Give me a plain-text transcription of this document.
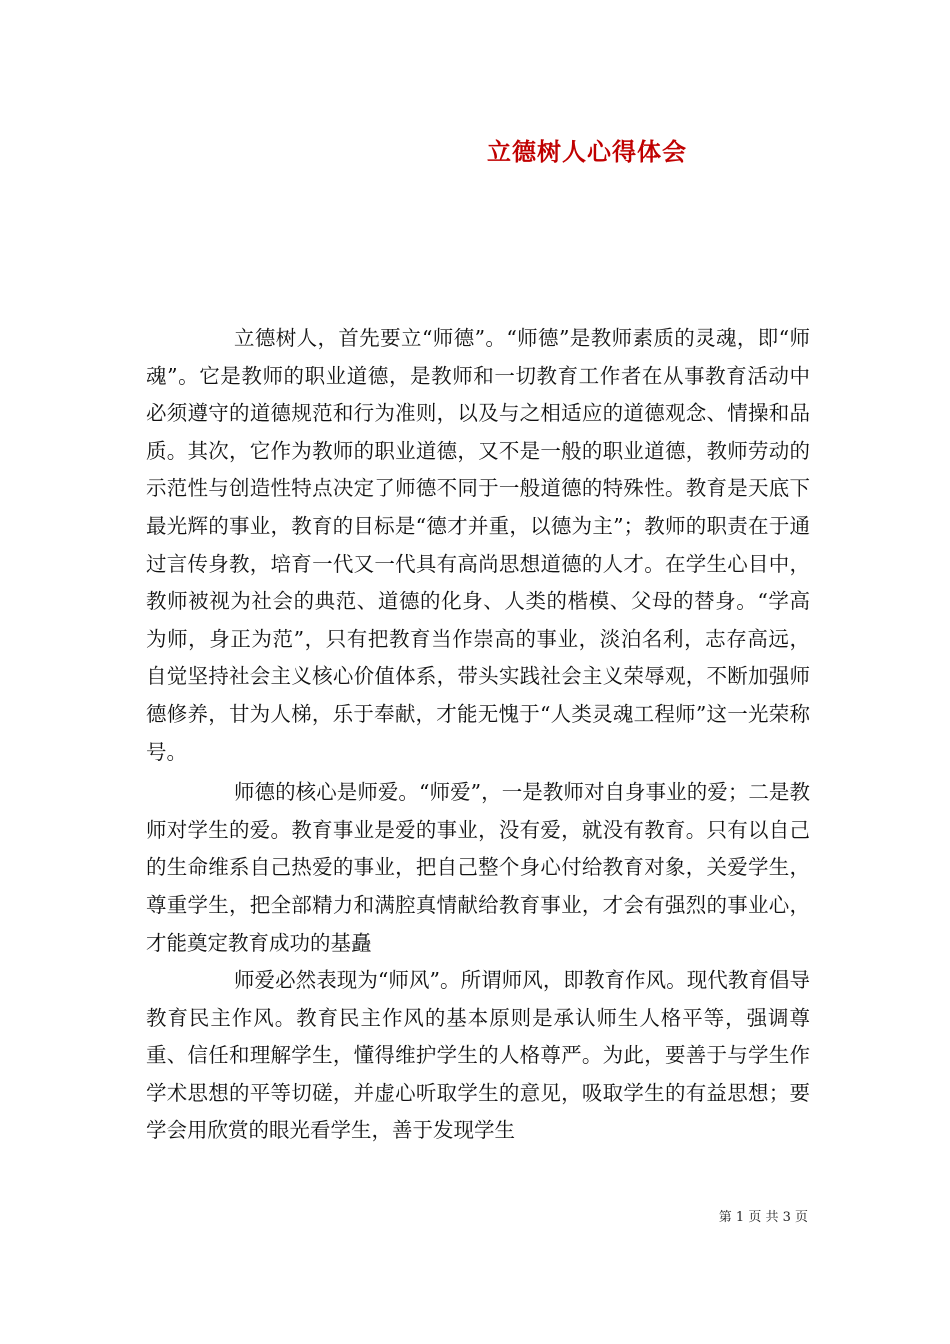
立德树人心得体会

立德树人，首先要立“师德”。“师德”是教师素质的灵魂，即“师魂”。它是教师的职业道德，是教师和一切教育工作者在从事教育活动中必须遵守的道德规范和行为准则，以及与之相适应的道德观念、情操和品质。其次，它作为教师的职业道德，又不是一般的职业道德，教师劳动的示范性与创造性特点决定了师德不同于一般道德的特殊性。教育是天底下最光辉的事业，教育的目标是“德才并重，以德为主”；教师的职责在于通过言传身教，培育一代又一代具有高尚思想道德的人才。在学生心目中，教师被视为社会的典范、道德的化身、人类的楷模、父母的替身。“学高为师，身正为范”，只有把教育当作崇高的事业，淡泊名利，志存高远，自觉坚持社会主义核心价值体系，带头实践社会主义荣辱观，不断加强师德修养，甘为人梯，乐于奉献，才能无愧于“人类灵魂工程师”这一光荣称号。

师德的核心是师爱。“师爱”，一是教师对自身事业的爱；二是教师对学生的爱。教育事业是爱的事业，没有爱，就没有教育。只有以自己的生命维系自己热爱的事业，把自己整个身心付给教育对象，关爱学生，尊重学生，把全部精力和满腔真情献给教育事业，才会有强烈的事业心，才能奠定教育成功的基矗

师爱必然表现为“师风”。所谓师风，即教育作风。现代教育倡导教育民主作风。教育民主作风的基本原则是承认师生人格平等，强调尊重、信任和理解学生，懂得维护学生的人格尊严。为此，要善于与学生作学术思想的平等切磋，并虚心听取学生的意见，吸取学生的有益思想；要学会用欣赏的眼光看学生，善于发现学生

第 1 页 共 3 页
